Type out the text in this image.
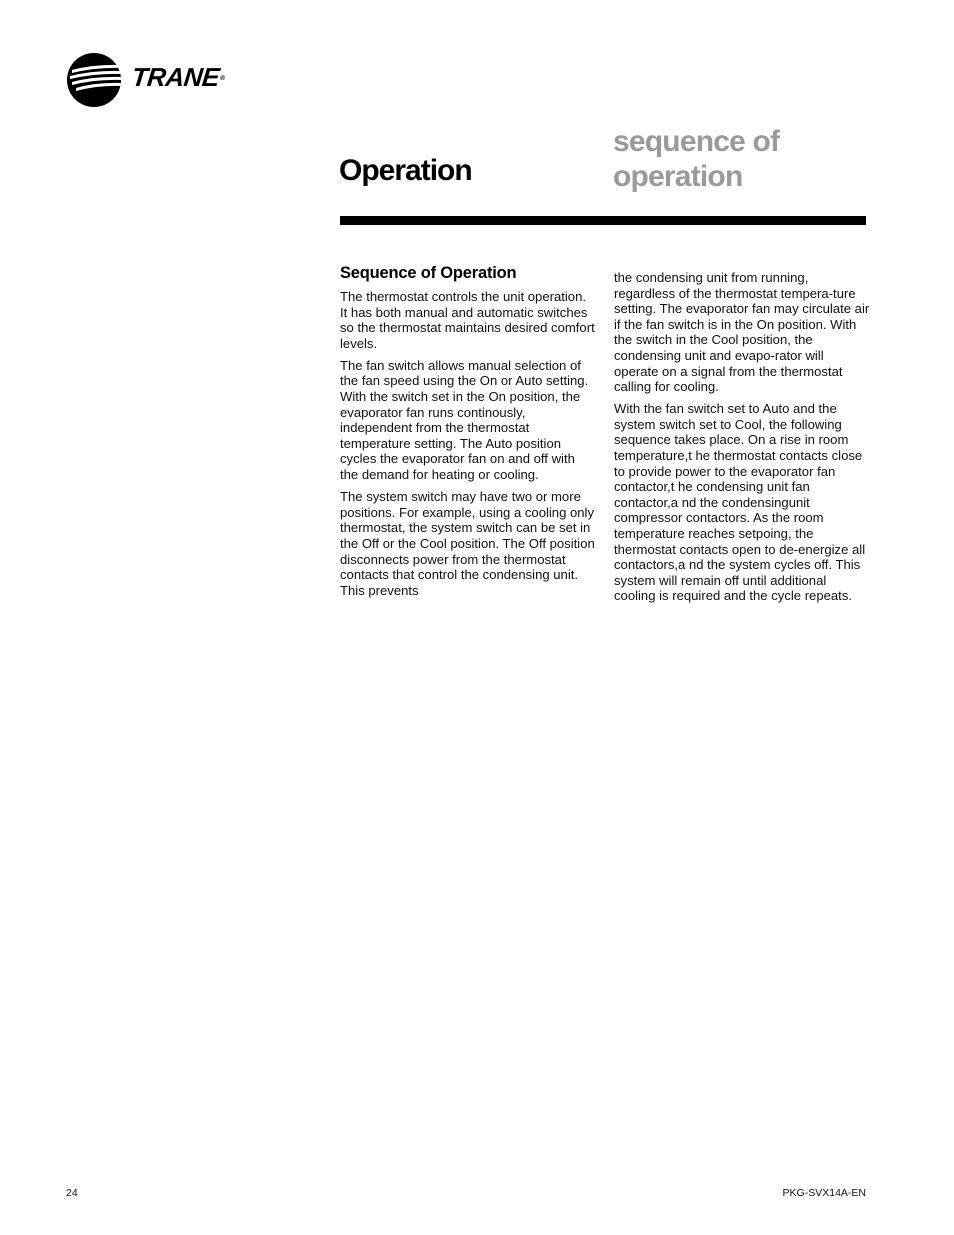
TRANE®
Operation
sequence of
operation
Sequence of Operation

The thermostat controls the unit operation. It has both manual and automatic switches so the thermostat maintains desired comfort levels.

The fan switch allows manual selection of the fan speed using the On or Auto setting. With the switch set in the On position, the evaporator fan runs continously, independent from the thermostat temperature setting. The Auto position cycles the evaporator fan on and off with the demand for heating or cooling.

The system switch may have two or more positions. For example, using a cooling only thermostat, the system switch can be set in the Off or the Cool position. The Off position disconnects power from the thermostat contacts that control the condensing unit. This prevents

the condensing unit from running, regardless of the thermostat tempera-ture setting. The evaporator fan may circulate air if the fan switch is in the On position. With the switch in the Cool position, the condensing unit and evapo-rator will operate on a signal from the thermostat calling for cooling.

With the fan switch set to Auto and the system switch set to Cool, the following sequence takes place. On a rise in room temperature,t he thermostat contacts close to provide power to the evaporator fan contactor,t he condensing unit fan contactor,a nd the condensingunit compressor contactors. As the room temperature reaches setpoing, the thermostat contacts open to de-energize all contactors,a nd the system cycles off. This system will remain off until additional cooling is required and the cycle repeats.

24	PKG-SVX14A-EN
